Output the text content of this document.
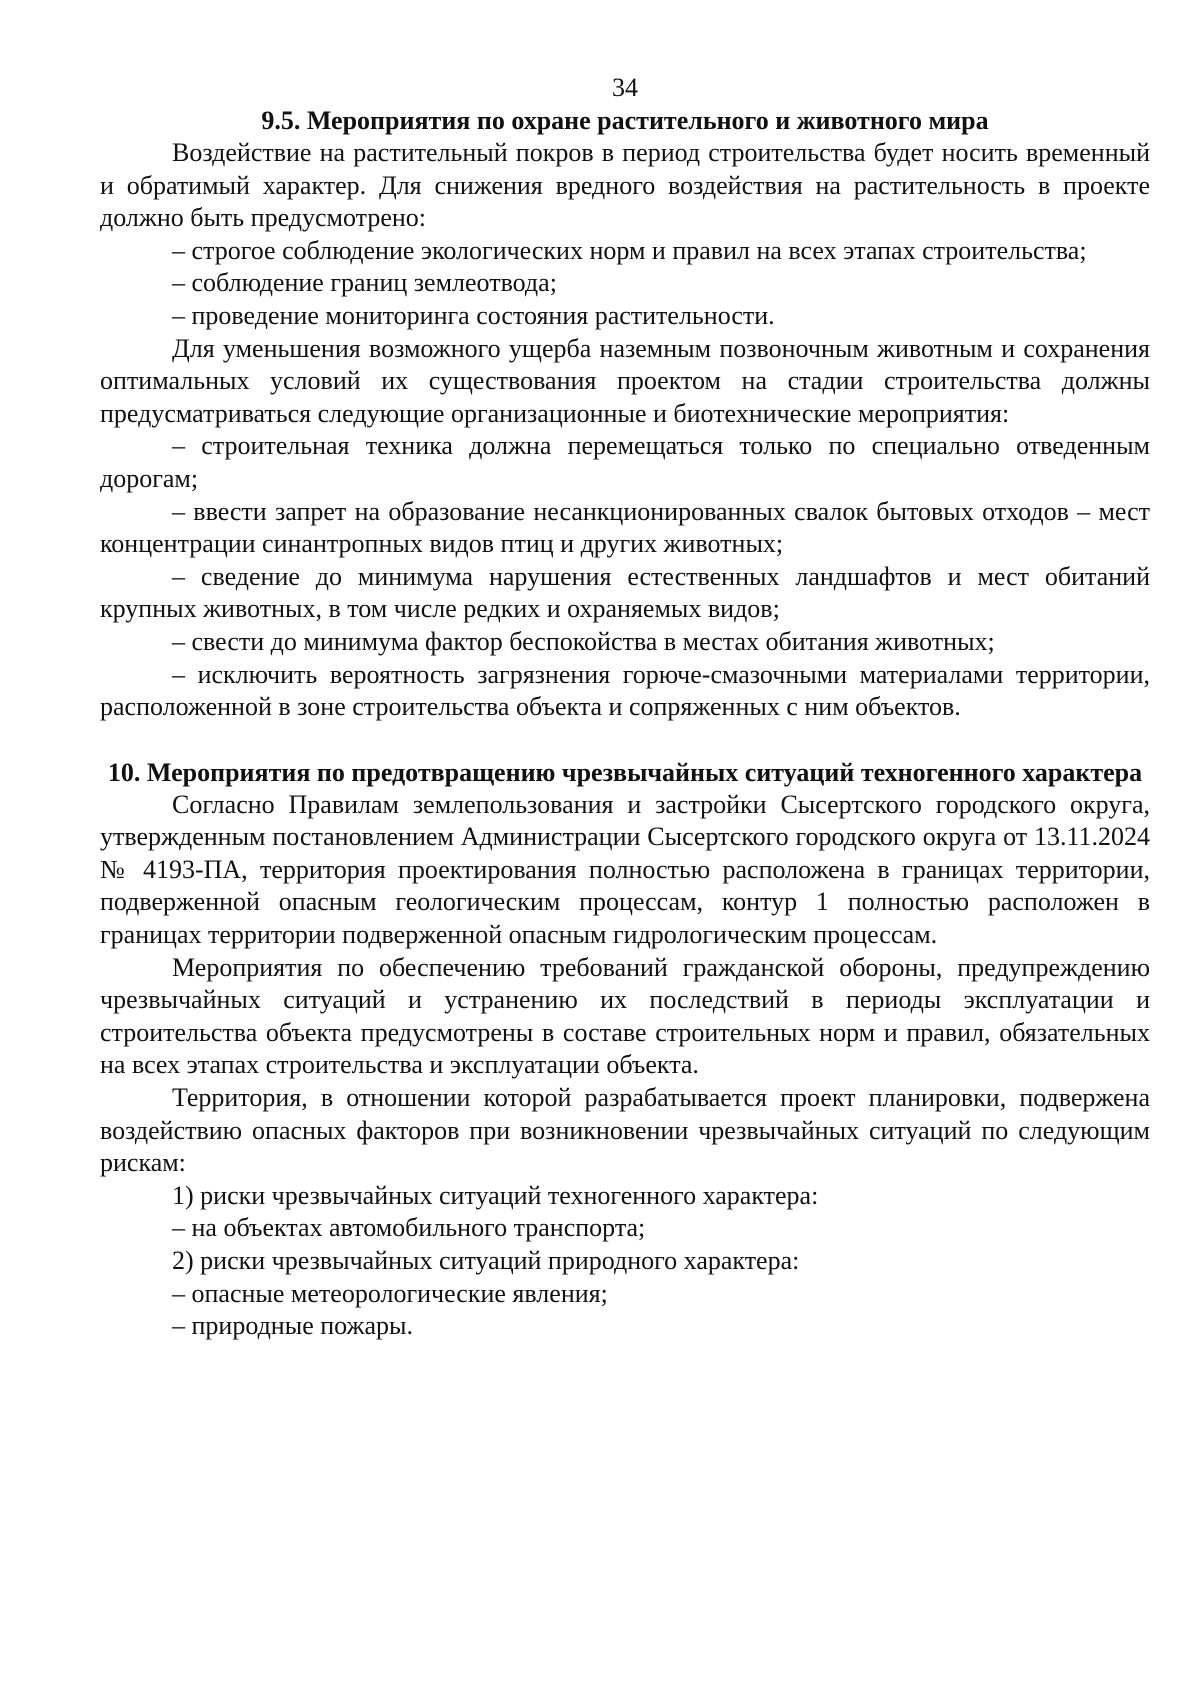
34

9.5. Мероприятия по охране растительного и животного мира

Воздействие на растительный покров в период строительства будет носить временный и обратимый характер. Для снижения вредного воздействия на растительность в проекте должно быть предусмотрено:

– строгое соблюдение экологических норм и правил на всех этапах строительства;

– соблюдение границ землеотвода;

– проведение мониторинга состояния растительности.

Для уменьшения возможного ущерба наземным позвоночным животным и сохранения оптимальных условий их существования проектом на стадии строительства должны предусматриваться следующие организационные и биотехнические мероприятия:

– строительная техника должна перемещаться только по специально отведенным дорогам;

– ввести запрет на образование несанкционированных свалок бытовых отходов – мест концентрации синантропных видов птиц и других животных;

– сведение до минимума нарушения естественных ландшафтов и мест обитаний крупных животных, в том числе редких и охраняемых видов;

– свести до минимума фактор беспокойства в местах обитания животных;

– исключить вероятность загрязнения горюче-смазочными материалами территории, расположенной в зоне строительства объекта и сопряженных с ним объектов.

10. Мероприятия по предотвращению чрезвычайных ситуаций техногенного характера

Согласно Правилам землепользования и застройки Сысертского городского округа, утвержденным постановлением Администрации Сысертского городского округа от 13.11.2024 № 4193-ПА, территория проектирования полностью расположена в границах территории, подверженной опасным геологическим процессам, контур 1 полностью расположен в границах территории подверженной опасным гидрологическим процессам.

Мероприятия по обеспечению требований гражданской обороны, предупреждению чрезвычайных ситуаций и устранению их последствий в периоды эксплуатации и строительства объекта предусмотрены в составе строительных норм и правил, обязательных на всех этапах строительства и эксплуатации объекта.

Территория, в отношении которой разрабатывается проект планировки, подвержена воздействию опасных факторов при возникновении чрезвычайных ситуаций по следующим рискам:

1) риски чрезвычайных ситуаций техногенного характера:

– на объектах автомобильного транспорта;

2) риски чрезвычайных ситуаций природного характера:

– опасные метеорологические явления;

– природные пожары.
